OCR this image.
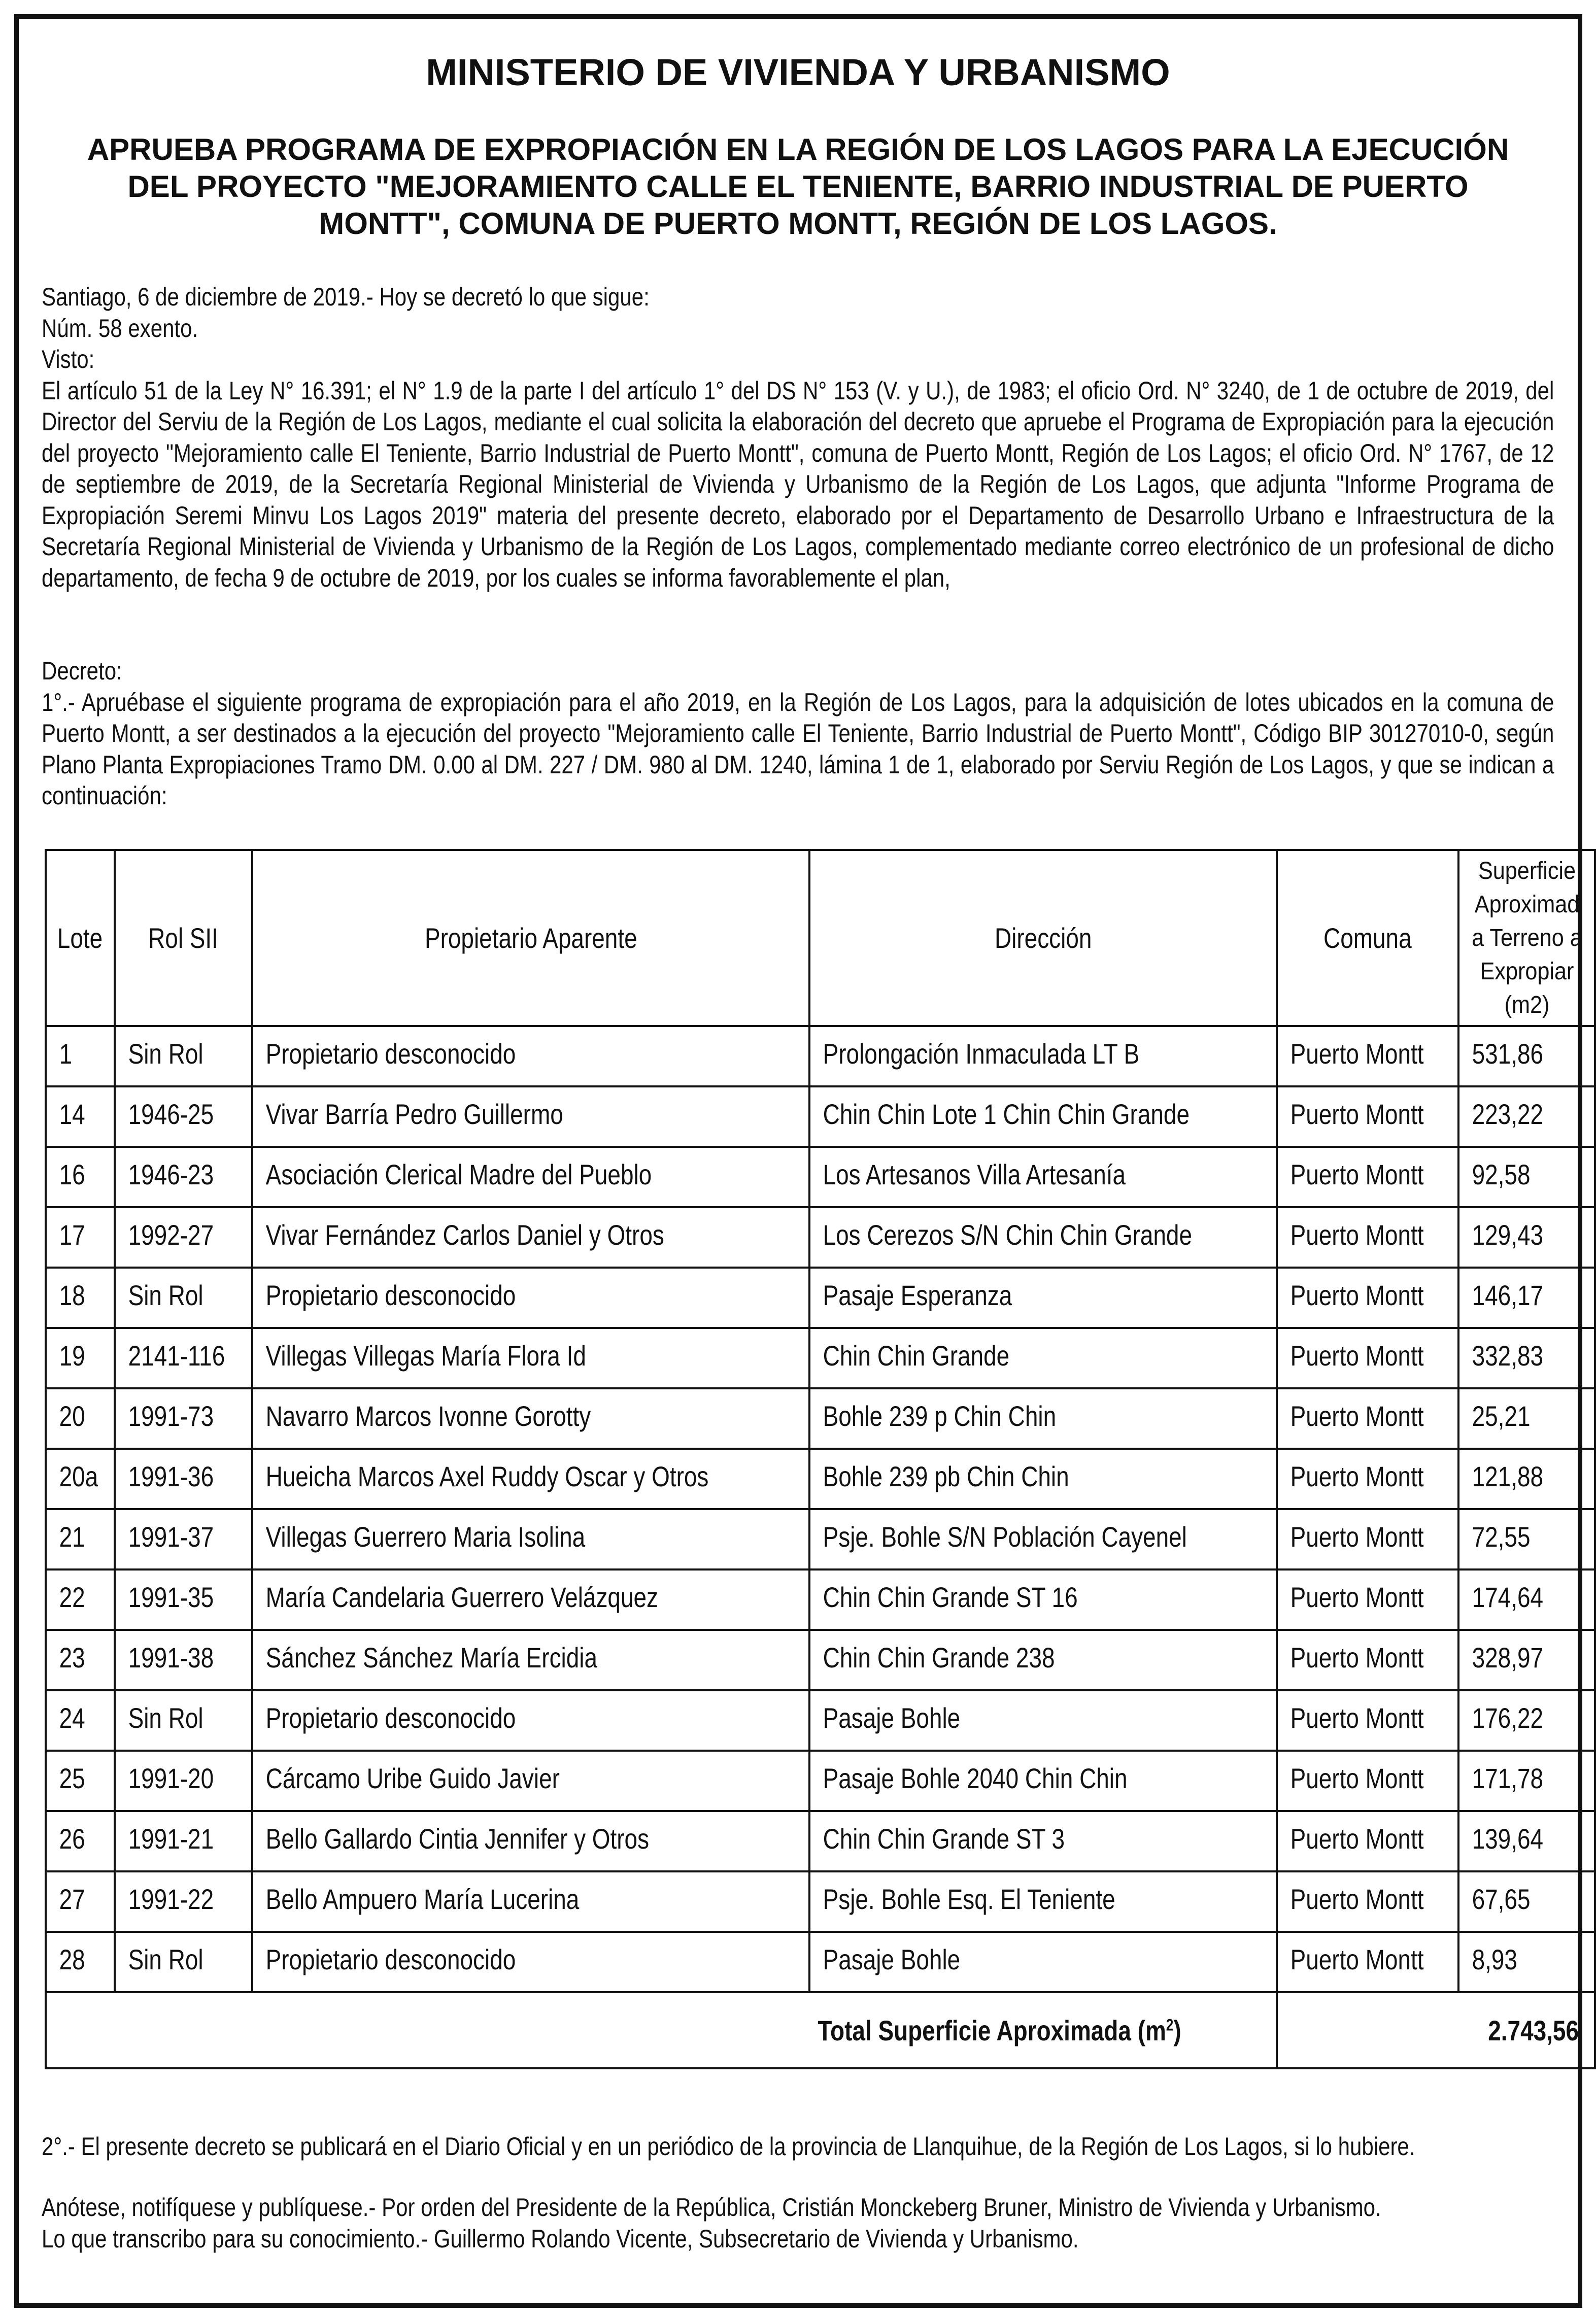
MINISTERIO DE VIVIENDA Y URBANISMO
APRUEBA PROGRAMA DE EXPROPIACIÓN EN LA REGIÓN DE LOS LAGOS PARA LA EJECUCIÓN DEL PROYECTO "MEJORAMIENTO CALLE EL TENIENTE, BARRIO INDUSTRIAL DE PUERTO MONTT", COMUNA DE PUERTO MONTT, REGIÓN DE LOS LAGOS.

Santiago, 6 de diciembre de 2019.- Hoy se decretó lo que sigue:

Núm. 58 exento.

Visto:

El artículo 51 de la Ley N° 16.391; el N° 1.9 de la parte I del artículo 1° del DS N° 153 (V. y U.), de 1983; el oficio Ord. N° 3240, de 1 de octubre de 2019, del Director del Serviu de la Región de Los Lagos, mediante el cual solicita la elaboración del decreto que apruebe el Programa de Expropiación para la ejecución del proyecto "Mejoramiento calle El Teniente, Barrio Industrial de Puerto Montt", comuna de Puerto Montt, Región de Los Lagos; el oficio Ord. N° 1767, de 12 de septiembre de 2019, de la Secretaría Regional Ministerial de Vivienda y Urbanismo de la Región de Los Lagos, que adjunta "Informe Programa de Expropiación Seremi Minvu Los Lagos 2019" materia del presente decreto, elaborado por el Departamento de Desarrollo Urbano e Infraestructura de la Secretaría Regional Ministerial de Vivienda y Urbanismo de la Región de Los Lagos, complementado mediante correo electrónico de un profesional de dicho departamento, de fecha 9 de octubre de 2019, por los cuales se informa favorablemente el plan,

Decreto:

1°.- Apruébase el siguiente programa de expropiación para el año 2019, en la Región de Los Lagos, para la adquisición de lotes ubicados en la comuna de Puerto Montt, a ser destinados a la ejecución del proyecto "Mejoramiento calle El Teniente, Barrio Industrial de Puerto Montt", Código BIP 30127010-0, según Plano Planta Expropiaciones Tramo DM. 0.00 al DM. 227 / DM. 980 al DM. 1240, lámina 1 de 1, elaborado por Serviu Región de Los Lagos, y que se indican a continuación:

Lote	Rol SII	Propietario Aparente	Dirección	Comuna	Superficie Aproximad a Terreno a Expropiar (m2)
1	Sin Rol	Propietario desconocido	Prolongación Inmaculada LT B	Puerto Montt	531,86
14	1946-25	Vivar Barría Pedro Guillermo	Chin Chin Lote 1 Chin Chin Grande	Puerto Montt	223,22
16	1946-23	Asociación Clerical Madre del Pueblo	Los Artesanos Villa Artesanía	Puerto Montt	92,58
17	1992-27	Vivar Fernández Carlos Daniel y Otros	Los Cerezos S/N Chin Chin Grande	Puerto Montt	129,43
18	Sin Rol	Propietario desconocido	Pasaje Esperanza	Puerto Montt	146,17
19	2141-116	Villegas Villegas María Flora Id	Chin Chin Grande	Puerto Montt	332,83
20	1991-73	Navarro Marcos Ivonne Gorotty	Bohle 239 p Chin Chin	Puerto Montt	25,21
20a	1991-36	Hueicha Marcos Axel Ruddy Oscar y Otros	Bohle 239 pb Chin Chin	Puerto Montt	121,88
21	1991-37	Villegas Guerrero Maria Isolina	Psje. Bohle S/N Población Cayenel	Puerto Montt	72,55
22	1991-35	María Candelaria Guerrero Velázquez	Chin Chin Grande ST 16	Puerto Montt	174,64
23	1991-38	Sánchez Sánchez María Ercidia	Chin Chin Grande 238	Puerto Montt	328,97
24	Sin Rol	Propietario desconocido	Pasaje Bohle	Puerto Montt	176,22
25	1991-20	Cárcamo Uribe Guido Javier	Pasaje Bohle 2040 Chin Chin	Puerto Montt	171,78
26	1991-21	Bello Gallardo Cintia Jennifer y Otros	Chin Chin Grande ST 3	Puerto Montt	139,64
27	1991-22	Bello Ampuero María Lucerina	Psje. Bohle Esq. El Teniente	Puerto Montt	67,65
28	Sin Rol	Propietario desconocido	Pasaje Bohle	Puerto Montt	8,93
			Total Superficie Aproximada $(m^2)$	2.743,56	

2°.- El presente decreto se publicará en el Diario Oficial y en un periódico de la provincia de Llanquihue, de la Región de Los Lagos, si lo hubiere.

Anótese, notifíquese y publíquese.- Por orden del Presidente de la República, Cristián Monckeberg Bruner, Ministro de Vivienda y Urbanismo.

Lo que transcribo para su conocimiento.- Guillermo Rolando Vicente, Subsecretario de Vivienda y Urbanismo.
